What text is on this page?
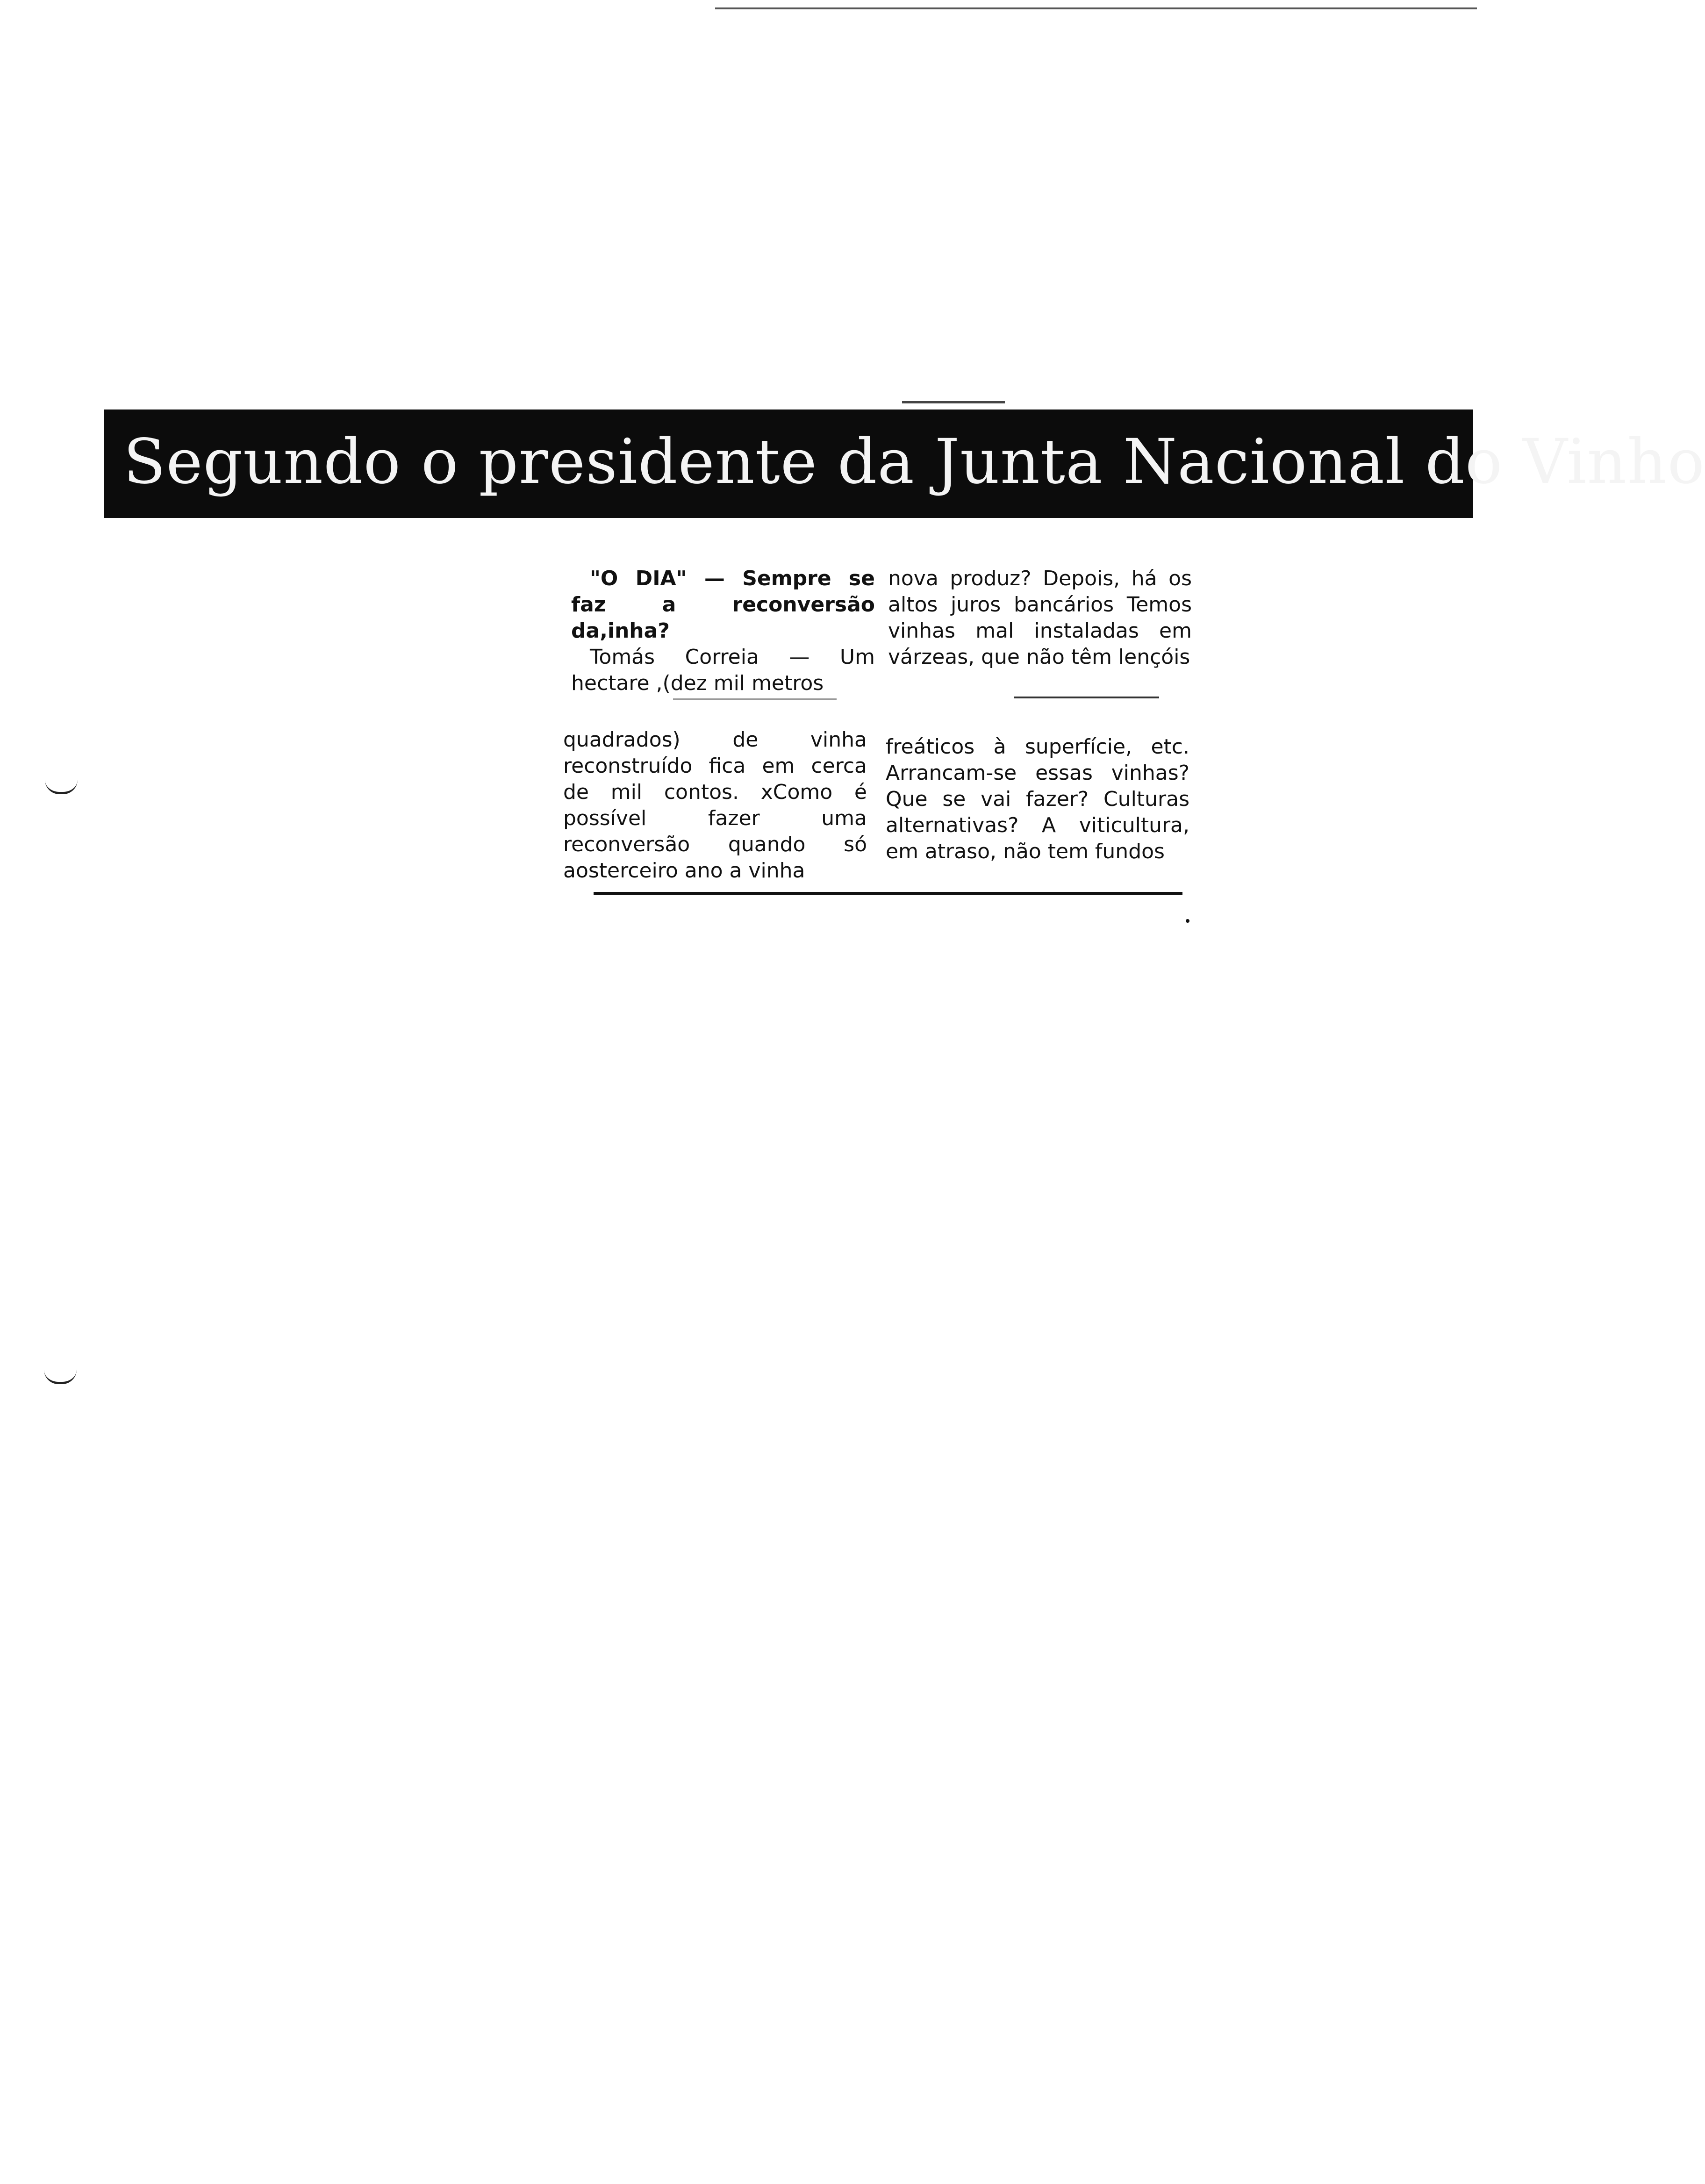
Segundo o presidente da Junta Nacional do Vinho

"O DIA" — Sempre se faz a reconversão da,inha?

Tomás Correia — Um hectare ,(dez mil metros

nova produz? Depois, há os altos juros bancários Temos vinhas mal instaladas em várzeas, que não têm lençóis

quadrados) de vinha reconstruído fica em cerca de mil contos. xComo é possível fazer uma reconversão quando só aosterceiro ano a vinha

freáticos à superfície, etc. Arrancam-se essas vinhas? Que se vai fazer? Culturas alternativas? A viticultura, em atraso, não tem fundos
